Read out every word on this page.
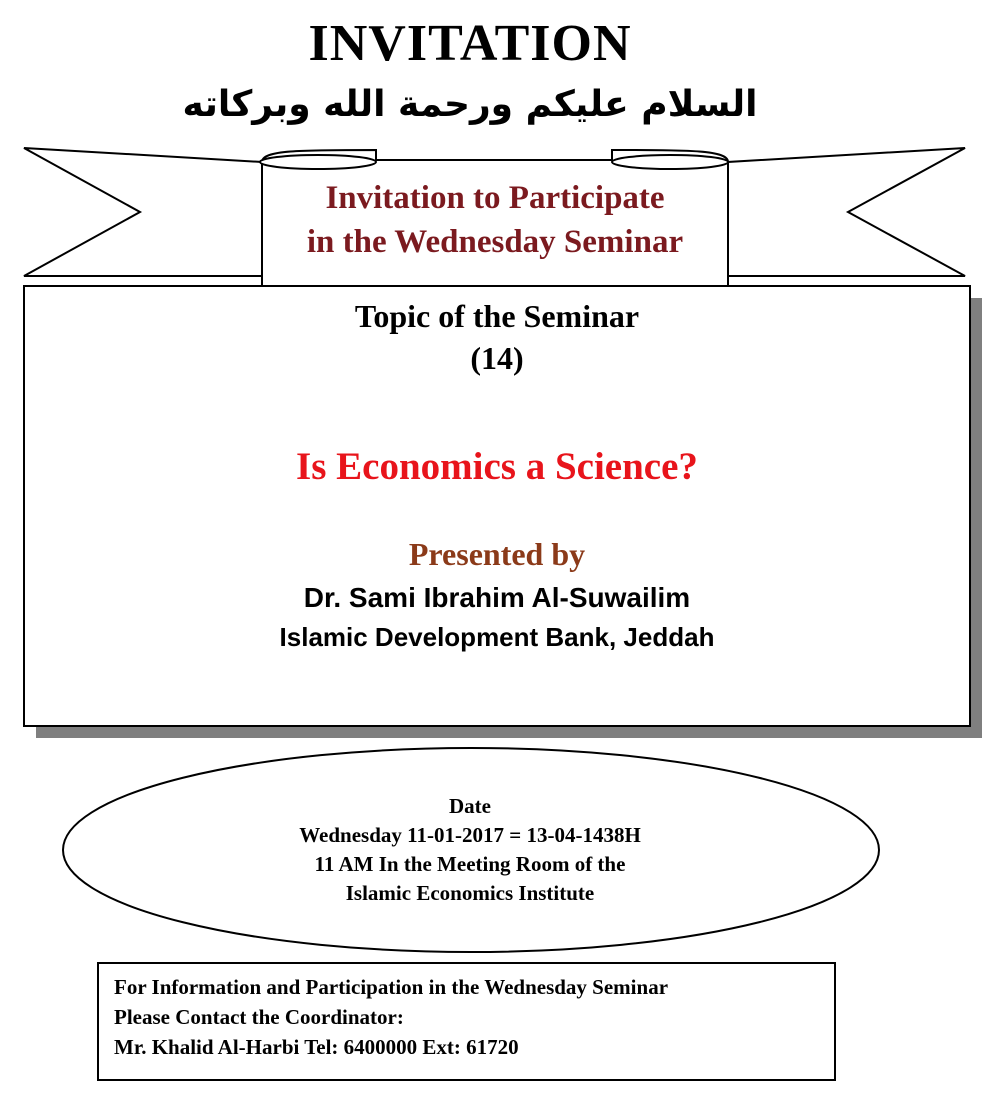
INVITATION
السلام عليكم ورحمة الله وبركاته
Invitation to Participate
in the Wednesday Seminar
Topic of the Seminar
(14)
Is Economics a Science?
Presented by
Dr. Sami Ibrahim Al-Suwailim
Islamic Development Bank, Jeddah
Date
Wednesday 11-01-2017 = 13-04-1438H
11 AM In the Meeting Room of the
Islamic Economics Institute
For Information and Participation in the Wednesday Seminar
Please Contact the Coordinator:
Mr. Khalid Al-Harbi Tel: 6400000 Ext: 61720
